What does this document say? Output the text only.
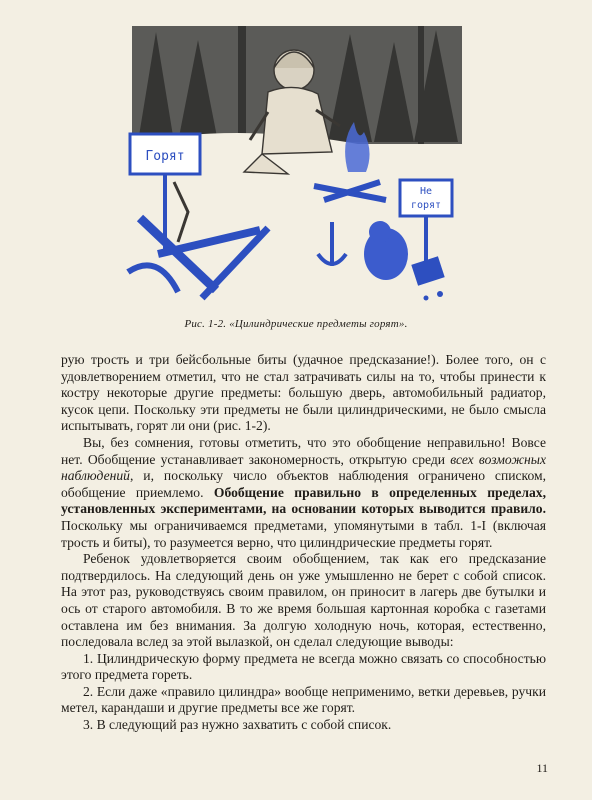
Горят
Не
горят
Рис. 1-2. «Цилиндрические предметы горят».

рую трость и три бейсбольные биты (удачное предсказание!). Более того, он с удовлетворением отметил, что не стал затрачивать силы на то, чтобы принести к костру некоторые другие предметы: большую дверь, автомобильный радиатор, кусок цепи. Поскольку эти предметы не были цилиндрическими, не было смысла испытывать, горят ли они (рис. 1-2).

Вы, без сомнения, готовы отметить, что это обобщение неправильно! Вовсе нет. Обобщение устанавливает закономерность, открытую среди всех возможных наблюдений, и, поскольку число объектов наблюдения ограничено списком, обобщение приемлемо. Обобщение правильно в определенных пределах, установленных экспериментами, на основании которых выводится правило. Поскольку мы ограничиваемся предметами, упомянутыми в табл. 1-I (включая трость и биты), то разумеется верно, что цилиндрические предметы горят.

Ребенок удовлетворяется своим обобщением, так как его предсказание подтвердилось. На следующий день он уже умышленно не берет с собой список. На этот раз, руководствуясь своим правилом, он приносит в лагерь две бутылки и ось от старого автомобиля. В то же время большая картонная коробка с газетами оставлена им без внимания. За долгую холодную ночь, которая, естественно, последовала вслед за этой вылазкой, он сделал следующие выводы:

1. Цилиндрическую форму предмета не всегда можно связать со способностью этого предмета гореть.

2. Если даже «правило цилиндра» вообще неприменимо, ветки деревьев, ручки метел, карандаши и другие предметы все же горят.

3. В следующий раз нужно захватить с собой список.

11
